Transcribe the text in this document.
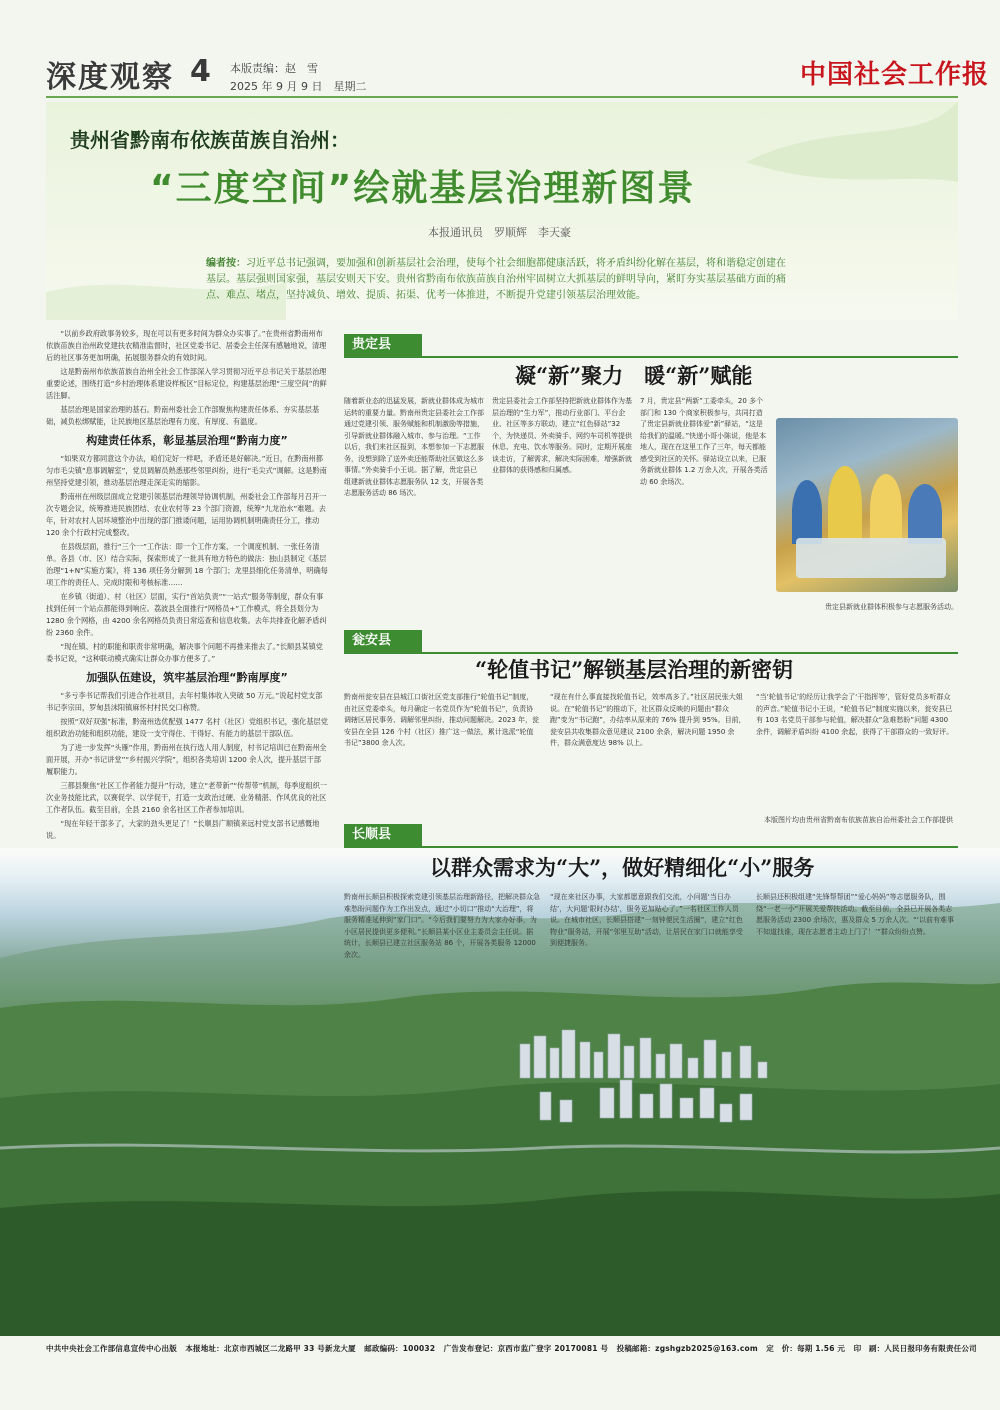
深度观察 4 本版责编：赵　雪
2025 年 9 月 9 日　星期二	中国社会工作报
贵州省黔南布依族苗族自治州：
“三度空间”绘就基层治理新图景
本报通讯员　罗顺辉　李天豪
编者按：习近平总书记强调，要加强和创新基层社会治理，使每个社会细胞都健康活跃，将矛盾纠纷化解在基层，将和谐稳定创建在基层。基层强则国家强，基层安则天下安。贵州省黔南布依族苗族自治州牢固树立大抓基层的鲜明导向，紧盯夯实基层基础方面的痛点、难点、堵点，坚持减负、增效、提质、拓渠、优考一体推进，不断提升党建引领基层治理效能。

“以前乡政府政事务较多，现在可以有更多时间为群众办实事了。”在贵州省黔南州布依族苗族自治州政党建扶农精准监督时，社区党委书记、居委会主任深有感触地说，清理后的社区事务更加明确，拓展服务群众的有效时间。

这是黔南州布依族苗族自治州全社会工作部深入学习贯彻习近平总书记关于基层治理重要论述，围绕打造“乡村治理体系建设样板区”目标定位，构建基层治理“三度空间”的鲜活注脚。

基层治理是国家治理的基石。黔南州委社会工作部聚焦构建责任体系、夯实基层基础，减负松绑赋能，让民族地区基层治理有力度、有厚度、有温度。

构建责任体系，彰显基层治理“黔南力度”

“如果双方都同意这个办法，咱们定好一样吧，矛盾还是好解决。”近日，在黔南州都匀市毛尖镇“息事调解室”，党员调解员熟悉那些邻里纠纷，进行“毛尖式”调解。这是黔南州坚持党建引领，推动基层治理走深走实的缩影。

黔南州在州级层面成立党建引领基层治理领导协调机制，州委社会工作部每月召开一次专题会议，统筹推进民族团结、农业农村等 23 个部门资源，统筹“九龙治水”难题。去年，针对农村人居环境整治中出现的部门推诿问题，运用协调机制明确责任分工，推动 120 余个行政村完成整改。

在县级层面，推行“三个一”工作法：即一个工作方案、一个调度机制、一张任务清单。各县（市、区）结合实际，探索形成了一批具有地方特色的做法：独山县制定《基层治理“1+N”实施方案》，将 136 项任务分解到 18 个部门；龙里县细化任务清单，明确每项工作的责任人、完成时限和考核标准……

在乡镇（街道）、村（社区）层面，实行“首站负责”“一站式”服务等制度，群众有事找到任何一个站点都能得到响应。荔波县全面推行“网格员+”工作模式，将全县划分为 1280 余个网格，由 4200 余名网格员负责日常巡查和信息收集。去年共排查化解矛盾纠纷 2360 余件。

“现在镇、村的职能和职责非常明确，解决事个问题不再推来推去了。”长顺县某镇党委书记说，“这种联动模式确实让群众办事方便多了。”

加强队伍建设，筑牢基层治理“黔南厚度”

“多亏李书记帮我们引进合作社项目，去年村集体收入突破 50 万元。”说起村党支部书记李宗田，罗甸县沫阳镇麻怀村村民交口称赞。

按照“双好双强”标准，黔南州选优配强 1477 名村（社区）党组织书记，强化基层党组织政治功能和组织功能，建设一支守得住、干得好、有能力的基层干部队伍。

为了进一步发挥“头雁”作用，黔南州在执行选人用人制度，村书记培训已在黔南州全面开展，开办“书记讲堂”“乡村振兴学院”，组织各类培训 1200 余人次，提升基层干部履职能力。

三都县聚焦“社区工作者能力提升”行动，建立“老带新”“传帮带”机制，每季度组织一次业务技能比武，以赛促学、以学促干，打造一支政治过硬、业务精湛、作风优良的社区工作者队伍。截至目前，全县 2160 余名社区工作者参加培训。

“现在年轻干部多了，大家的劲头更足了！”长顺县广顺镇来远村党支部书记感慨地说。

贵定县
凝“新”聚力　暖“新”赋能
随着新业态的迅猛发展，新就业群体成为城市运转的重要力量。黔南州贵定县委社会工作部通过党建引领、服务赋能和机制激励等措施，引导新就业群体融入城市、参与治理。“工作以后，我们来社区报到，本想参加一下志愿服务，没想到除了送外卖还能帮助社区做这么多事情。”外卖骑手小王说。据了解，贵定县已组建新就业群体志愿服务队 12 支，开展各类志愿服务活动 86 场次。
贵定县委社会工作部坚持把新就业群体作为基层治理的“生力军”，推动行业部门、平台企业、社区等多方联动，建立“红色驿站”32 个，为快递员、外卖骑手、网约车司机等提供休息、充电、饮水等服务。同时，定期开展座谈走访，了解需求，解决实际困难，增强新就业群体的获得感和归属感。
7 月，贵定县“两新”工委牵头，20 多个部门和 130 个商家积极参与，共同打造了贵定县新就业群体爱“新”驿站，“这是给我们的温暖。”快递小哥小陈说，他是本地人，现在在这里工作了三年，每天都能感受到社区的关怀。驿站设立以来，已服务新就业群体 1.2 万余人次，开展各类活动 60 余场次。
贵定县新就业群体积极参与志愿服务活动。
瓮安县
“轮值书记”解锁基层治理的新密钥
黔南州瓮安县在县城江口街社区党支部推行“轮值书记”制度，由社区党委牵头，每月确定一名党员作为“轮值书记”，负责协调辖区居民事务、调解邻里纠纷、推动问题解决。2023 年，瓮安县在全县 126 个村（社区）推广这一做法，累计选派“轮值书记”3800 余人次。
“现在有什么事直接找轮值书记，效率高多了。”社区居民张大姐说。在“轮值书记”的推动下，社区群众反映的问题由“群众跑”变为“书记跑”，办结率从原来的 76% 提升到 95%。目前，瓮安县共收集群众意见建议 2100 余条，解决问题 1950 余件，群众满意度达 98% 以上。
“当‘轮值书记’的经历让我学会了‘干指挥等’，管好党员多听群众的声音。”轮值书记小王说，“轮值书记”制度实施以来，瓮安县已有 103 名党员干部参与轮值，解决群众“急难愁盼”问题 4300 余件，调解矛盾纠纷 4100 余起，获得了干部群众的一致好评。
长顺县
以群众需求为“大”，做好精细化“小”服务
黔南州长顺县积极探索党建引领基层治理新路径，把解决群众急难愁盼问题作为工作出发点，通过“小切口”推动“大治理”，将服务精准延伸到“家门口”。“今后我们要努力为大家办好事，为小区居民提供更多便利。”长顺县某小区业主委员会主任说。据统计，长顺县已建立社区服务站 86 个，开展各类服务 12000 余次。
“现在来社区办事，大家都愿意跟我们交流，小问题‘当日办结’，大问题‘限时办结’，服务更加贴心了。”一名社区工作人员说。在城市社区，长顺县搭建“一刻钟便民生活圈”，建立“红色物业”服务站，开展“邻里互助”活动，让居民在家门口就能享受到便捷服务。
长顺县还积极组建“先锋帮帮团”“爱心妈妈”等志愿服务队，围绕“一老一小”开展关爱帮扶活动。截至目前，全县已开展各类志愿服务活动 2300 余场次，惠及群众 5 万余人次。“‘以前有难事不知道找谁，现在志愿者主动上门了！’”群众纷纷点赞。
本版图片均由贵州省黔南布依族苗族自治州委社会工作部提供
中共中央社会工作部信息宣传中心出版 本报地址：北京市西城区二龙路甲 33 号新龙大厦 邮政编码：100032 广告发布登记：京西市监广登字 20170081 号 投稿邮箱：zgshgzb2025@163.com 定　价：每期 1.56 元 印　刷：人民日报印务有限责任公司
